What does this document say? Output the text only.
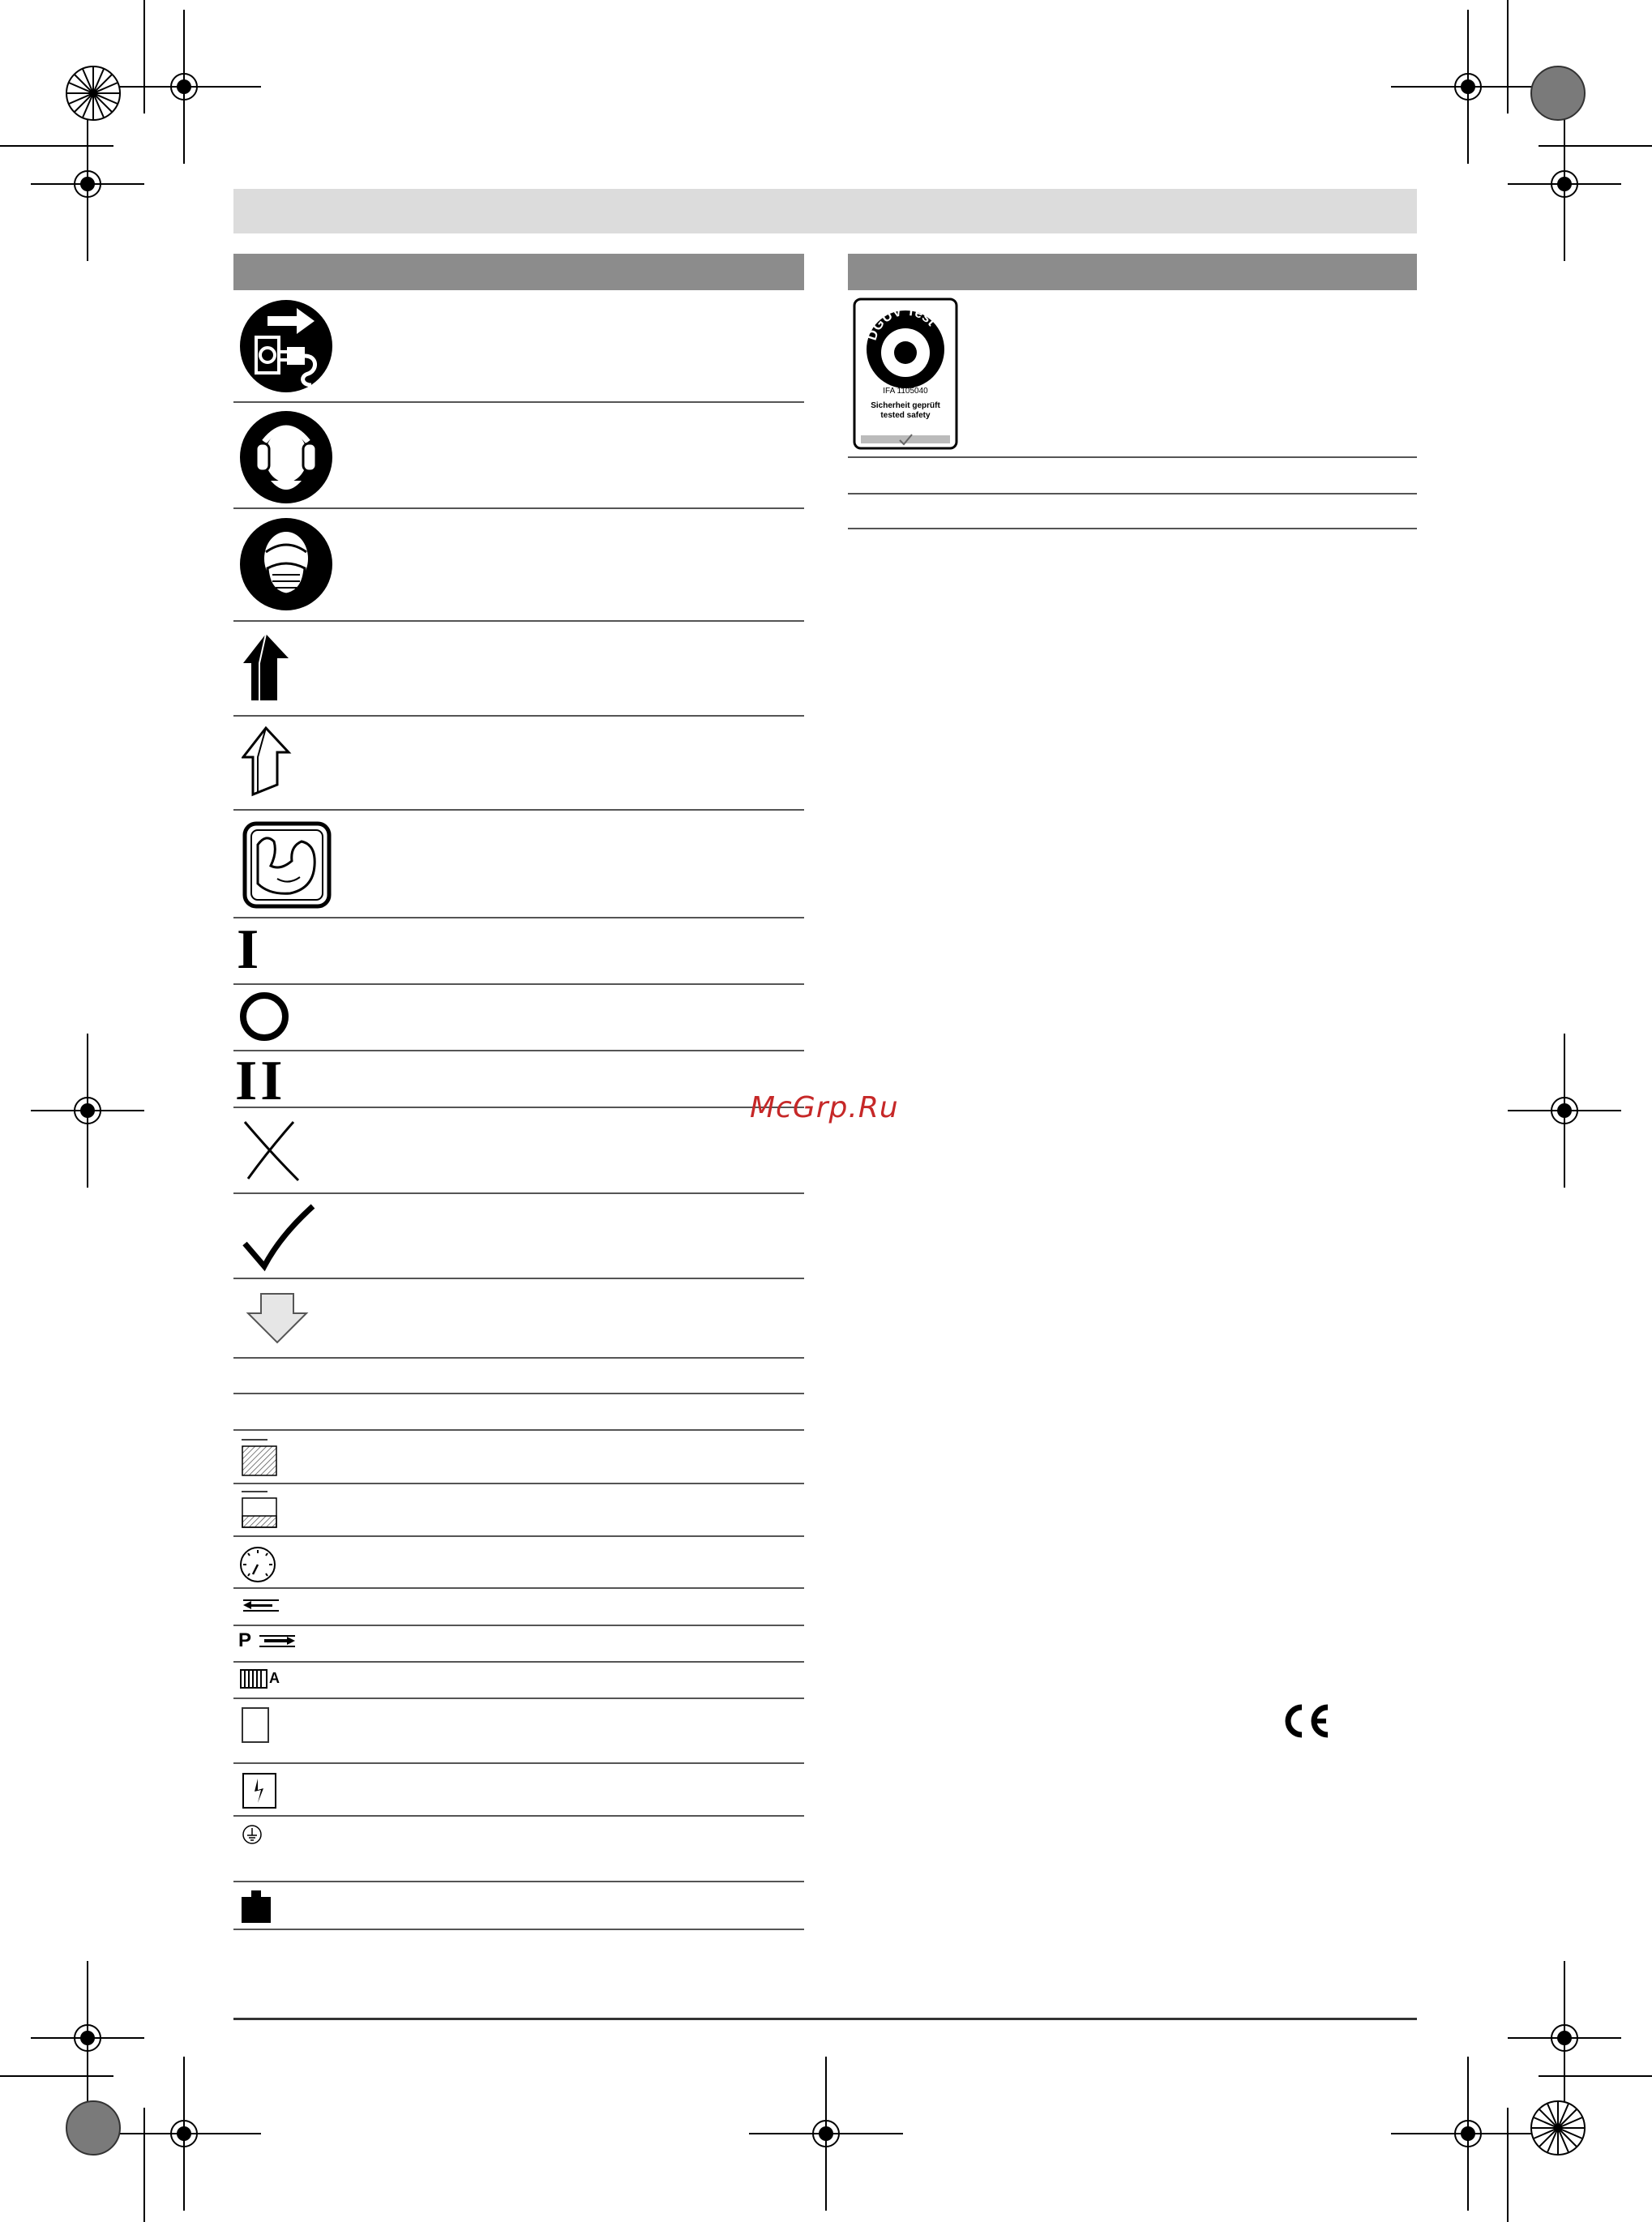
I
II
P
A
DGUV Test
IFA 1105040
Sicherheit geprüft
tested safety
McGrp.Ru
